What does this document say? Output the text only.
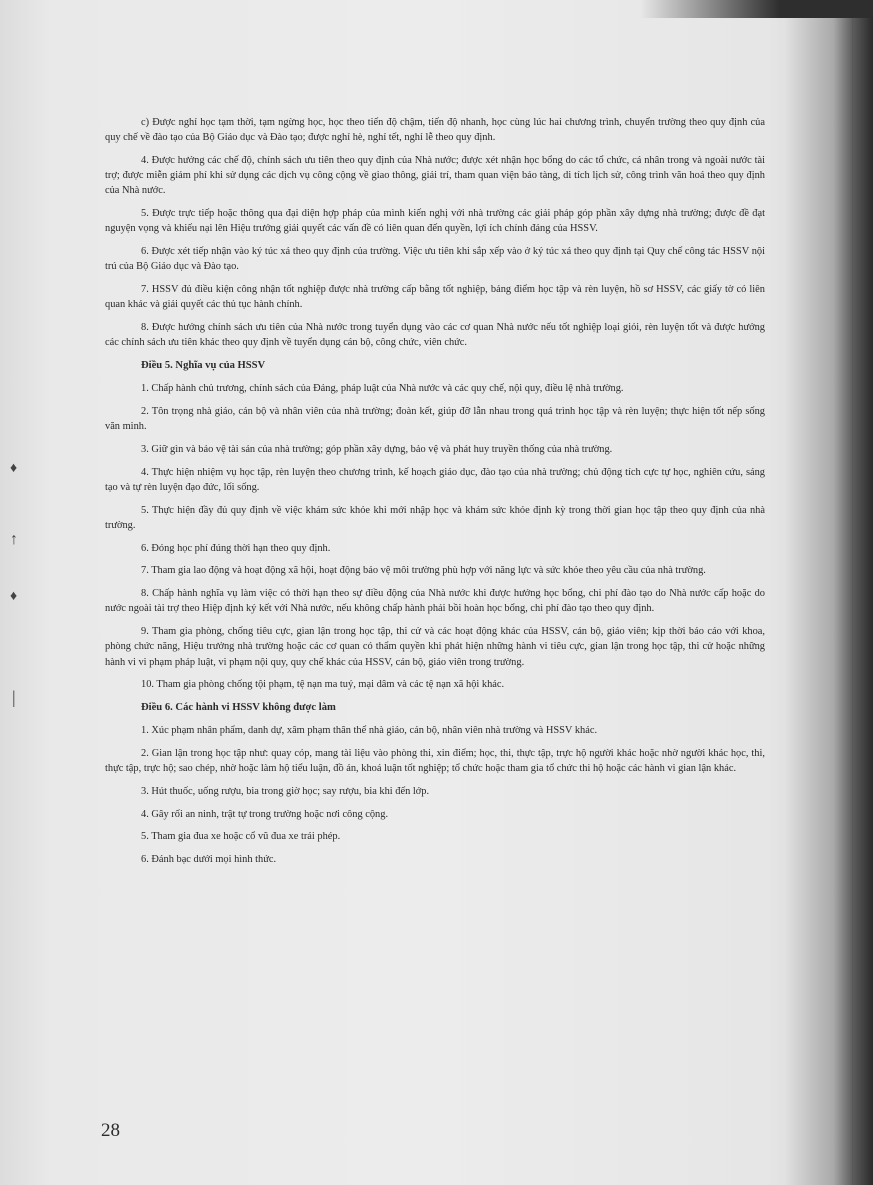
♦
↑
♦
|

c) Được nghỉ học tạm thời, tạm ngừng học, học theo tiến độ chậm, tiến độ nhanh, học cùng lúc hai chương trình, chuyển trường theo quy định của quy chế về đào tạo của Bộ Giáo dục và Đào tạo; được nghỉ hè, nghỉ tết, nghỉ lễ theo quy định.

4. Được hưởng các chế độ, chính sách ưu tiên theo quy định của Nhà nước; được xét nhận học bổng do các tổ chức, cá nhân trong và ngoài nước tài trợ; được miễn giảm phí khi sử dụng các dịch vụ công cộng về giao thông, giải trí, tham quan viện bảo tàng, di tích lịch sử, công trình văn hoá theo quy định của Nhà nước.

5. Được trực tiếp hoặc thông qua đại diện hợp pháp của mình kiến nghị với nhà trường các giải pháp góp phần xây dựng nhà trường; được đề đạt nguyện vọng và khiếu nại lên Hiệu trưởng giải quyết các vấn đề có liên quan đến quyền, lợi ích chính đáng của HSSV.

6. Được xét tiếp nhận vào ký túc xá theo quy định của trường. Việc ưu tiên khi sắp xếp vào ở ký túc xá theo quy định tại Quy chế công tác HSSV nội trú của Bộ Giáo dục và Đào tạo.

7. HSSV đủ điều kiện công nhận tốt nghiệp được nhà trường cấp bằng tốt nghiệp, bảng điểm học tập và rèn luyện, hồ sơ HSSV, các giấy tờ có liên quan khác và giải quyết các thủ tục hành chính.

8. Được hưởng chính sách ưu tiên của Nhà nước trong tuyển dụng vào các cơ quan Nhà nước nếu tốt nghiệp loại giỏi, rèn luyện tốt và được hưởng các chính sách ưu tiên khác theo quy định về tuyển dụng cán bộ, công chức, viên chức.

Điều 5. Nghĩa vụ của HSSV

1. Chấp hành chủ trương, chính sách của Đảng, pháp luật của Nhà nước và các quy chế, nội quy, điều lệ nhà trường.

2. Tôn trọng nhà giáo, cán bộ và nhân viên của nhà trường; đoàn kết, giúp đỡ lẫn nhau trong quá trình học tập và rèn luyện; thực hiện tốt nếp sống văn minh.

3. Giữ gìn và bảo vệ tài sản của nhà trường; góp phần xây dựng, bảo vệ và phát huy truyền thống của nhà trường.

4. Thực hiện nhiệm vụ học tập, rèn luyện theo chương trình, kế hoạch giáo dục, đào tạo của nhà trường; chủ động tích cực tự học, nghiên cứu, sáng tạo và tự rèn luyện đạo đức, lối sống.

5. Thực hiện đầy đủ quy định về việc khám sức khỏe khi mới nhập học và khám sức khỏe định kỳ trong thời gian học tập theo quy định của nhà trường.

6. Đóng học phí đúng thời hạn theo quy định.

7. Tham gia lao động và hoạt động xã hội, hoạt động bảo vệ môi trường phù hợp với năng lực và sức khỏe theo yêu cầu của nhà trường.

8. Chấp hành nghĩa vụ làm việc có thời hạn theo sự điều động của Nhà nước khi được hưởng học bổng, chi phí đào tạo do Nhà nước cấp hoặc do nước ngoài tài trợ theo Hiệp định ký kết với Nhà nước, nếu không chấp hành phải bồi hoàn học bổng, chi phí đào tạo theo quy định.

9. Tham gia phòng, chống tiêu cực, gian lận trong học tập, thi cử và các hoạt động khác của HSSV, cán bộ, giáo viên; kịp thời báo cáo với khoa, phòng chức năng, Hiệu trưởng nhà trường hoặc các cơ quan có thẩm quyền khi phát hiện những hành vi tiêu cực, gian lận trong học tập, thi cử hoặc những hành vi vi phạm pháp luật, vi phạm nội quy, quy chế khác của HSSV, cán bộ, giáo viên trong trường.

10. Tham gia phòng chống tội phạm, tệ nạn ma tuý, mại dâm và các tệ nạn xã hội khác.

Điều 6. Các hành vi HSSV không được làm

1. Xúc phạm nhân phẩm, danh dự, xâm phạm thân thể nhà giáo, cán bộ, nhân viên nhà trường và HSSV khác.

2. Gian lận trong học tập như: quay cóp, mang tài liệu vào phòng thi, xin điểm; học, thi, thực tập, trực hộ người khác hoặc nhờ người khác học, thi, thực tập, trực hộ; sao chép, nhờ hoặc làm hộ tiểu luận, đồ án, khoá luận tốt nghiệp; tổ chức hoặc tham gia tổ chức thi hộ hoặc các hành vi gian lận khác.

3. Hút thuốc, uống rượu, bia trong giờ học; say rượu, bia khi đến lớp.

4. Gây rối an ninh, trật tự trong trường hoặc nơi công cộng.

5. Tham gia đua xe hoặc cổ vũ đua xe trái phép.

6. Đánh bạc dưới mọi hình thức.

28
